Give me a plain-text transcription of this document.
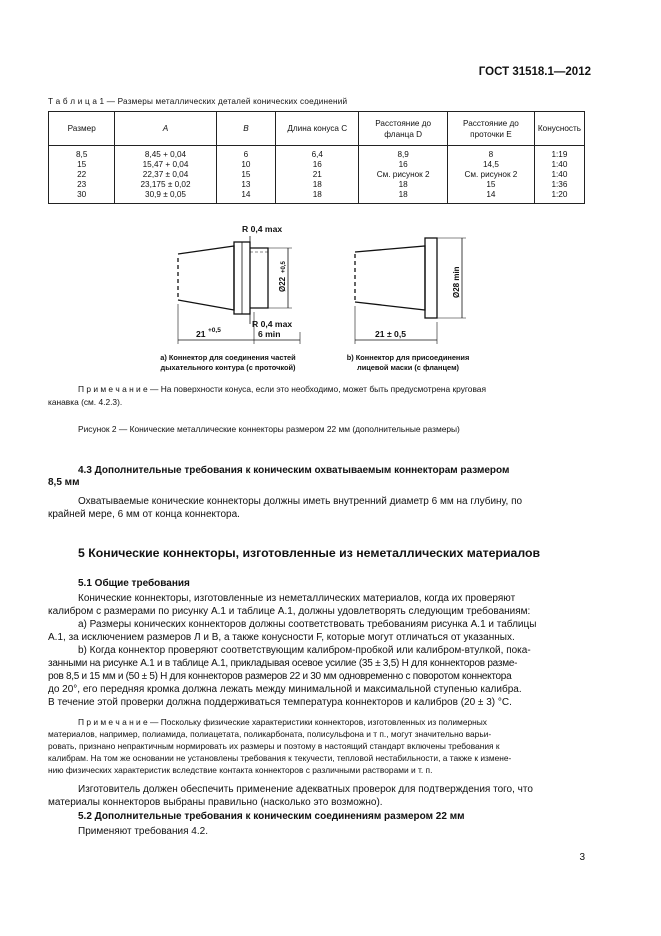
ГОСТ 31518.1—2012
Т а б л и ц а 1 — Размеры металлических деталей конических соединений
Размер	A	B	Длина конуса C	Расстояние до фланца D	Расстояние до проточки E	Конусность
8,5	8,45 + 0,04	6	6,4	8,9	8	1:19
15	15,47 + 0,04	10	16	16	14,5	1:40
22	22,37 ± 0,04	15	21	См. рисунок 2	См. рисунок 2	1:40
23	23,175 ± 0,02	13	18	18	15	1:36
30	30,9 ± 0,05	14	18	18	14	1:20
R 0,4 max
R 0,4 max
21 +0,5	6 min
Ø22
+0,5	Ø28 min
21 ± 0,5
а) Коннектор для соединения частей
дыхательного контура (с проточкой)
b) Коннектор для присоединения
лицевой маски (с фланцем)
П р и м е ч а н и е — На поверхности конуса, если это необходимо, может быть предусмотрена круговая
канавка (см. 4.2.3).
Рисунок 2 — Конические металлические коннекторы размером 22 мм (дополнительные размеры)
4.3 Дополнительные требования к коническим охватываемым коннекторам размером
8,5 мм
Охватываемые конические коннекторы должны иметь внутренний диаметр 6 мм на глубину, по
крайней мере, 6 мм от конца коннектора.
5 Конические коннекторы, изготовленные из неметаллических материалов
5.1 Общие требования
Конические коннекторы, изготовленные из неметаллических материалов, когда их проверяют
калибром с размерами по рисунку А.1 и таблице А.1, должны удовлетворять следующим требованиям:
а) Размеры конических коннекторов должны соответствовать требованиям рисунка А.1 и таблицы
А.1, за исключением размеров Л и В, а также конусности F, которые могут отличаться от указанных.
b) Когда коннектор проверяют соответствующим калибром-пробкой или калибром-втулкой, пока-
занными на рисунке А.1 и в таблице А.1, прикладывая осевое усилие (35 ± 3,5) Н для коннекторов разме-
ров 8,5 и 15 мм и (50 ± 5) Н для коннекторов размеров 22 и 30 мм одновременно с поворотом коннектора
до 20°, его передняя кромка должна лежать между минимальной и максимальной ступенью калибра.
В течение этой проверки должна поддерживаться температура коннекторов и калибров (20 ± 3) °С.
П р и м е ч а н и е — Поскольку физические характеристики коннекторов, изготовленных из полимерных
материалов, например, полиамида, полиацетата, поликарбоната, полисульфона и т п., могут значительно варьи-
ровать, признано непрактичным нормировать их размеры и поэтому в настоящий стандарт включены требования к
калибрам. На том же основании не установлены требования к текучести, тепловой нестабильности, а также к измене-
нию физических характеристик вследствие контакта коннекторов с различными растворами и т. п.
Изготовитель должен обеспечить применение адекватных проверок для подтверждения того, что
материалы коннекторов выбраны правильно (насколько это возможно).
5.2 Дополнительные требования к коническим соединениям размером 22 мм
Применяют требования 4.2.
3
